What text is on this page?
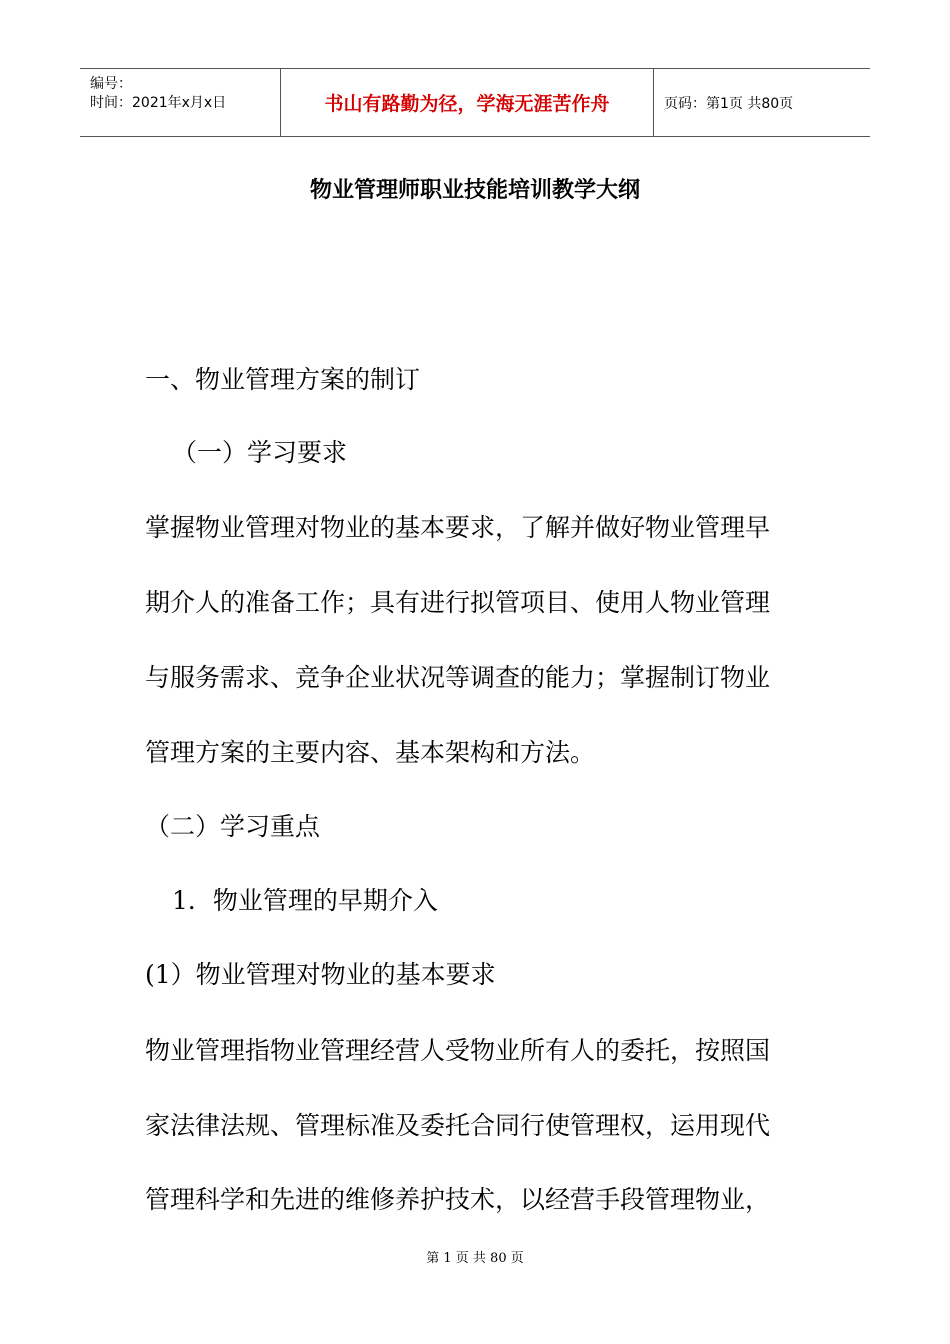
编号：
时间：2021年x月x日	书山有路勤为径，学海无涯苦作舟	页码：第1页 共80页
物业管理师职业技能培训教学大纲
一、物业管理方案的制订
（一）学习要求
掌握物业管理对物业的基本要求，了解并做好物业管理早
期介人的准备工作；具有进行拟管项目、使用人物业管理
与服务需求、竞争企业状况等调查的能力；掌握制订物业
管理方案的主要内容、基本架构和方法。
（二）学习重点
1．物业管理的早期介入
(1）物业管理对物业的基本要求
物业管理指物业管理经营人受物业所有人的委托，按照国
家法律法规、管理标准及委托合同行使管理权，运用现代
管理科学和先进的维修养护技术，以经营手段管理物业，
第 1 页 共 80 页
